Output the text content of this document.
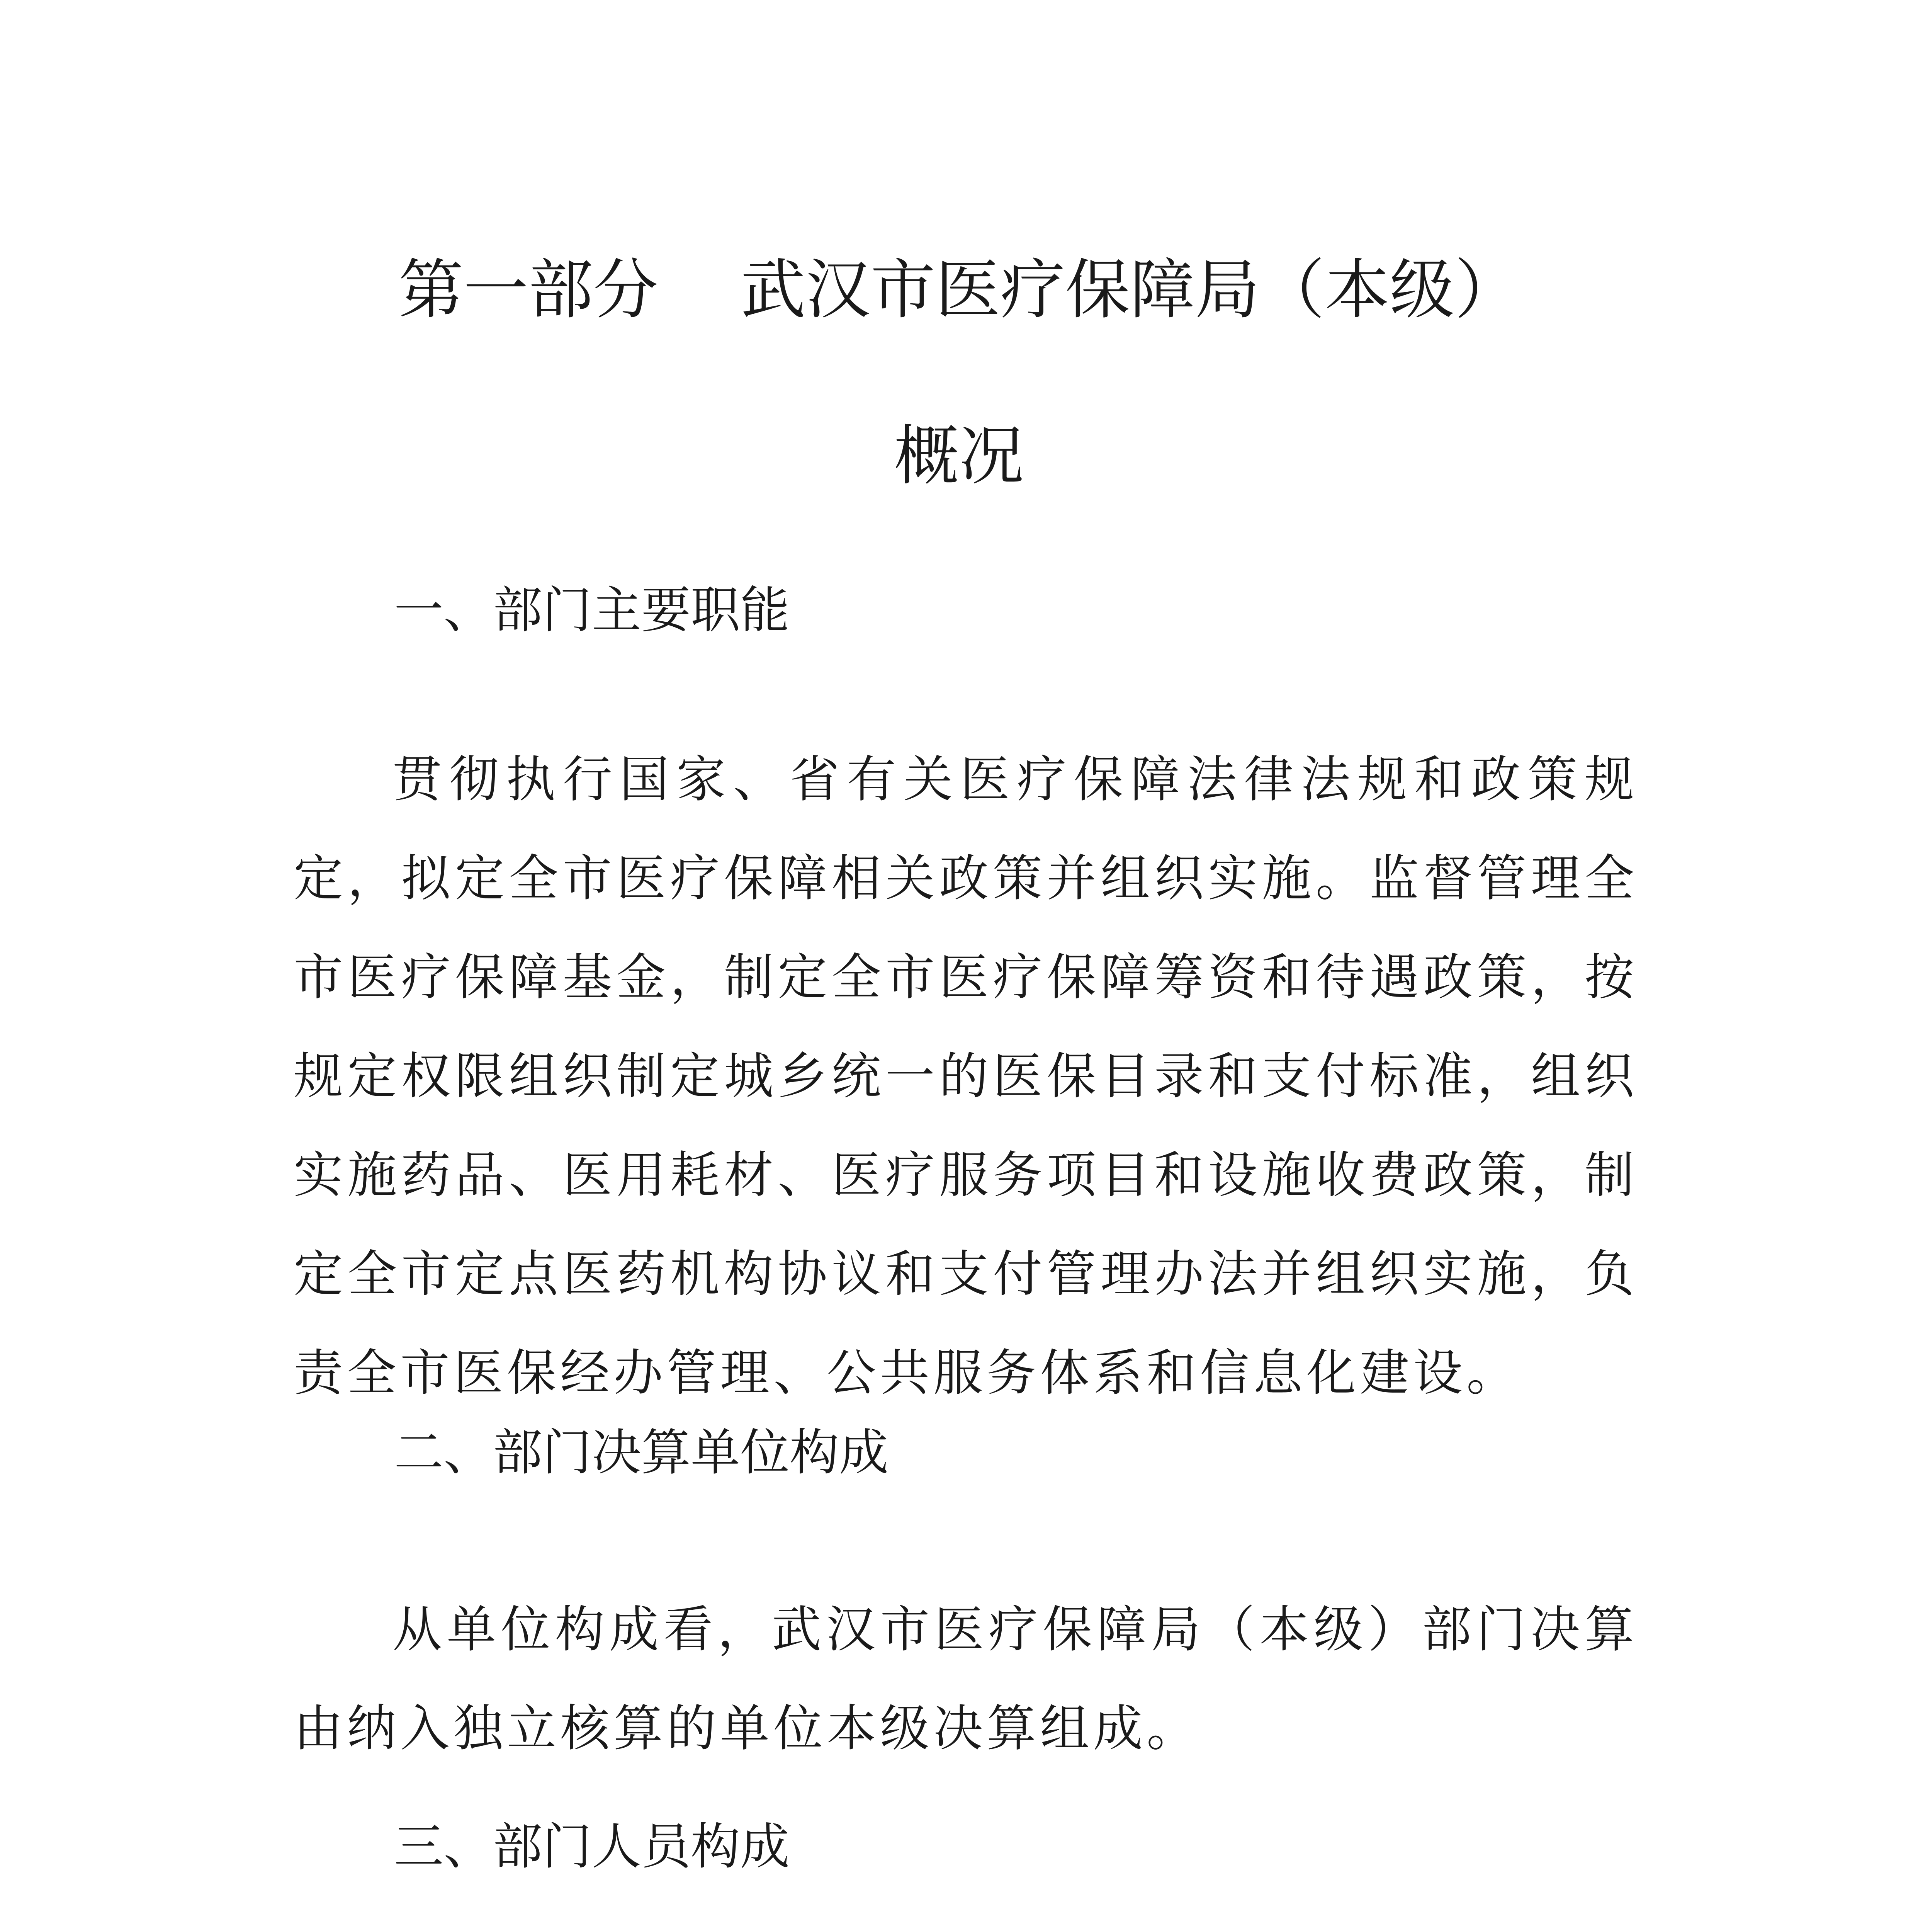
第一部分    武汉市医疗保障局（本级）
概况
一、部门主要职能

贯彻执行国家、省有关医疗保障法律法规和政策规定，拟定全市医疗保障相关政策并组织实施。监督管理全市医疗保障基金，制定全市医疗保障筹资和待遇政策，按规定权限组织制定城乡统一的医保目录和支付标准，组织实施药品、医用耗材、医疗服务项目和设施收费政策，制定全市定点医药机构协议和支付管理办法并组织实施，负责全市医保经办管理、公共服务体系和信息化建设。

二、部门决算单位构成

从单位构成看，武汉市医疗保障局（本级）部门决算由纳入独立核算的单位本级决算组成。

三、部门人员构成
